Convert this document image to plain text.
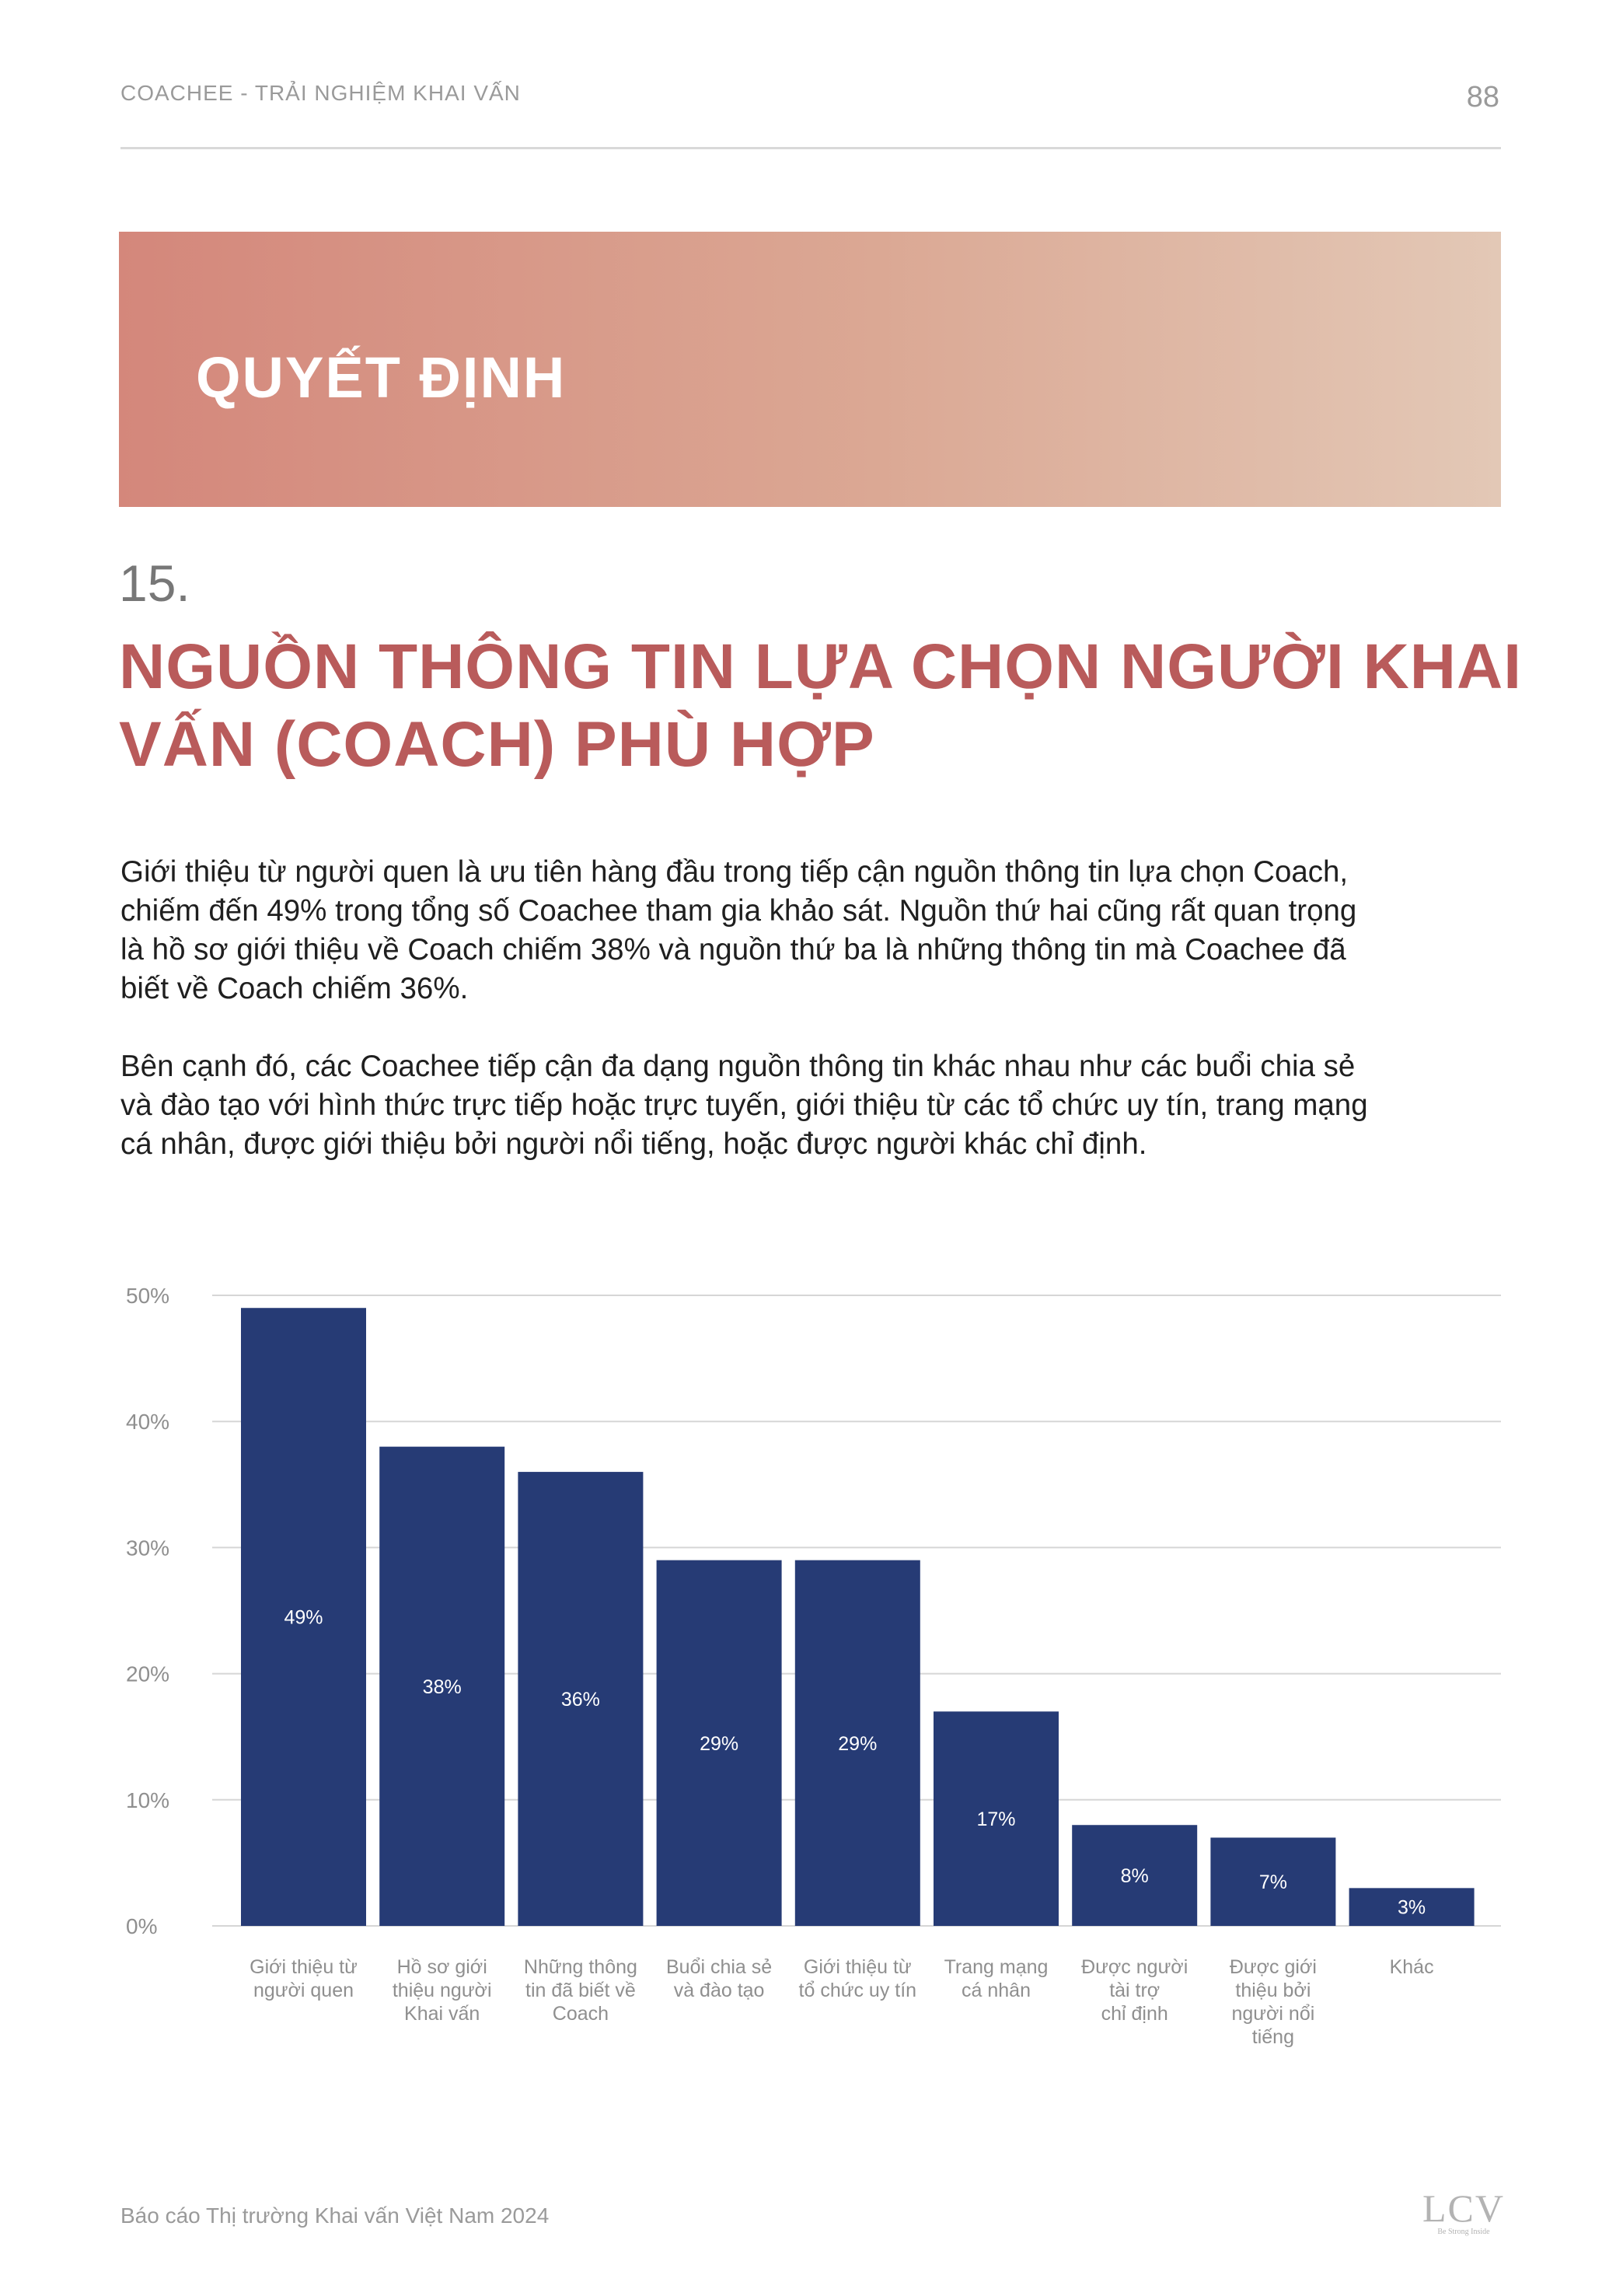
COACHEE - TRẢI NGHIỆM KHAI VẤN	88
QUYẾT ĐỊNH
15.
NGUỒN THÔNG TIN LỰA CHỌN NGƯỜI KHAI
VẤN (COACH) PHÙ HỢP
Giới thiệu từ người quen là ưu tiên hàng đầu trong tiếp cận nguồn thông tin lựa chọn Coach,
chiếm đến 49% trong tổng số Coachee tham gia khảo sát. Nguồn thứ hai cũng rất quan trọng
là hồ sơ giới thiệu về Coach chiếm 38% và nguồn thứ ba là những thông tin mà Coachee đã
biết về Coach chiếm 36%.
Bên cạnh đó, các Coachee tiếp cận đa dạng nguồn thông tin khác nhau như các buổi chia sẻ
và đào tạo với hình thức trực tiếp hoặc trực tuyến, giới thiệu từ các tổ chức uy tín, trang mạng
cá nhân, được giới thiệu bởi người nổi tiếng, hoặc được người khác chỉ định.
0%
10%
20%
30%
40%
50%
49%
Giới thiệu từ
người quen
38%
Hồ sơ giới
thiệu người
Khai vấn
36%
Những thông
tin đã biết về
Coach
29%
Buổi chia sẻ
và đào tạo
29%
Giới thiệu từ
tổ chức uy tín
17%
Trang mạng
cá nhân
8%
Được người
tài trợ
chỉ định
7%
Được giới
thiệu bởi
người nổi
tiếng
3%
Khác
Báo cáo Thị trường Khai vấn Việt Nam 2024	LCV
Be Strong Inside
